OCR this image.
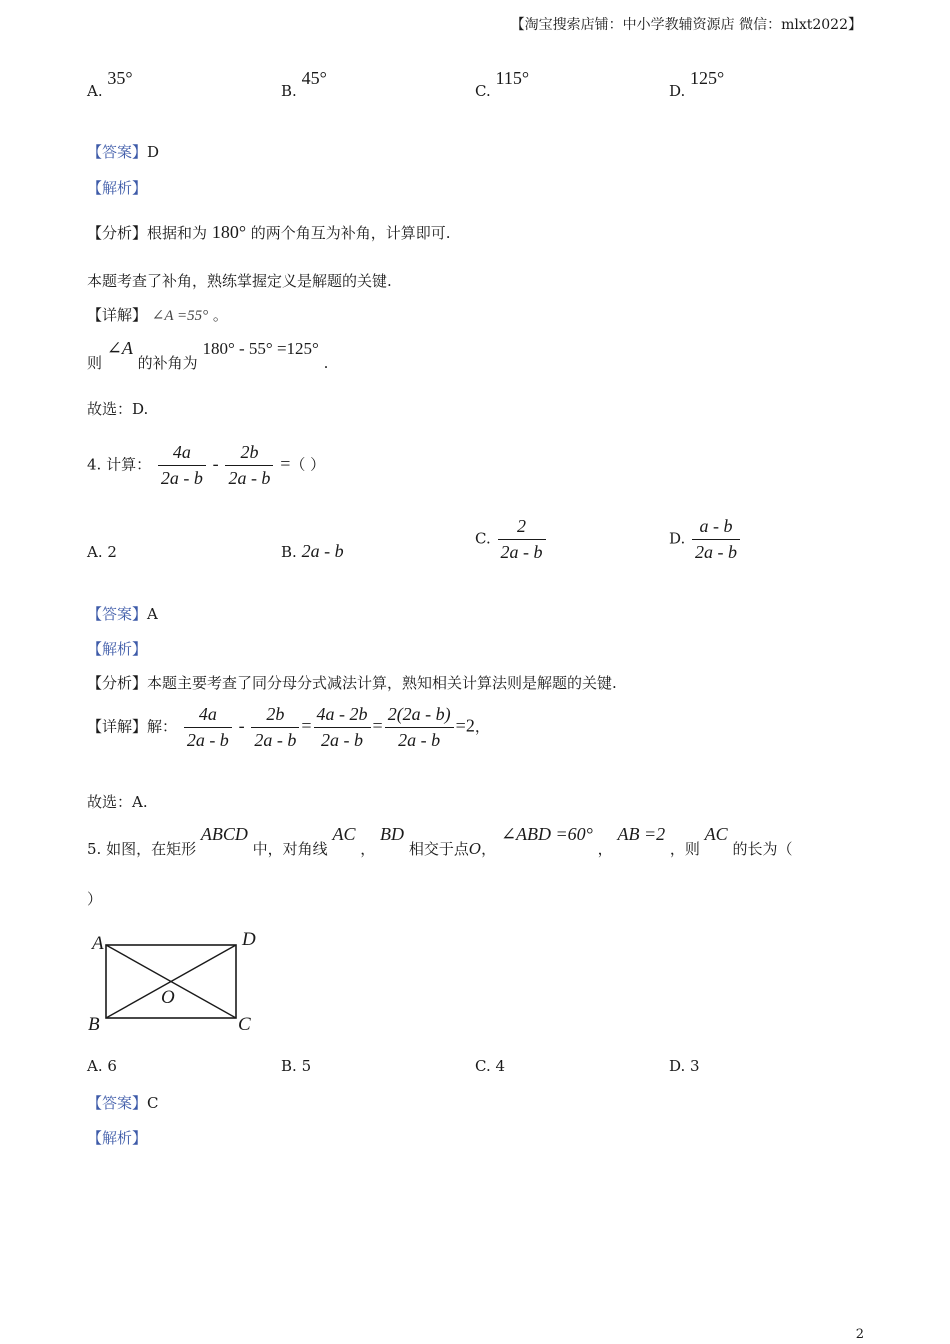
【淘宝搜索店铺：中小学教辅资源店 微信：mlxt2022】
A. 35°
B. 45°
C. 115°
D. 125°
【答案】D
【解析】
【分析】根据和为 180° 的两个角互为补角，计算即可.
本题考查了补角，熟练掌握定义是解题的关键.
【详解】 ∠A =55° 。
则 ∠A 的补角为 180° - 55° =125° .
故选：D.
4. 计算： $\frac{4a}{2a - b} - \frac{2b}{2a - b}$ =（ ）
A. 2	B. 2a - b
C. $\frac{2}{2a - b}$	D. $\frac{a - b}{2a - b}$
【答案】A
【解析】
【分析】本题主要考查了同分母分式减法计算，熟知相关计算法则是解题的关键.
【详解】解： $\frac{4a}{2a - b} - \frac{2b}{2a - b} = \frac{4a - 2b}{2a - b} = \frac{2(2a - b)}{2a - b} =2$，
故选：A.
5. 如图，在矩形 ABCD 中，对角线 AC ， BD 相交于点O， ∠ABD =60° ， AB =2 ，则 AC 的长为（
）
A	D
B	C
O
A. 6	B. 5	C. 4	D. 3
【答案】C
【解析】
2
